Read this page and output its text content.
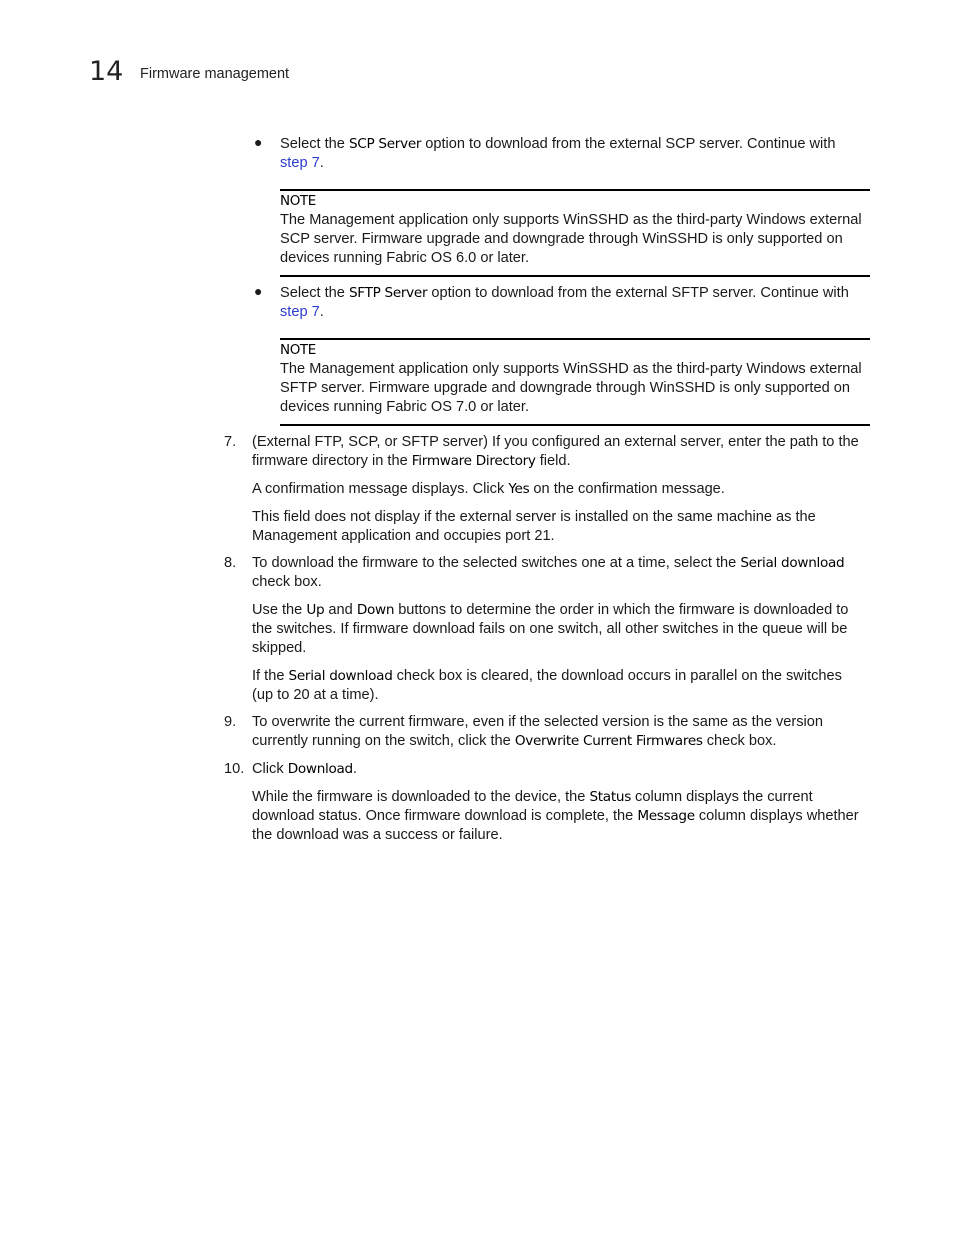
14 Firmware management
● Select the SCP Server option to download from the external SCP server. Continue with
step 7.
NOTE
The Management application only supports WinSSHD as the third-party Windows external
SCP server. Firmware upgrade and downgrade through WinSSHD is only supported on
devices running Fabric OS 6.0 or later.
● Select the SFTP Server option to download from the external SFTP server. Continue with
step 7.
NOTE
The Management application only supports WinSSHD as the third-party Windows external
SFTP server. Firmware upgrade and downgrade through WinSSHD is only supported on
devices running Fabric OS 7.0 or later.
7. (External FTP, SCP, or SFTP server) If you configured an external server, enter the path to the
firmware directory in the Firmware Directory field.
A confirmation message displays. Click Yes on the confirmation message.
This field does not display if the external server is installed on the same machine as the
Management application and occupies port 21.
8. To download the firmware to the selected switches one at a time, select the Serial download
check box.
Use the Up and Down buttons to determine the order in which the firmware is downloaded to
the switches. If firmware download fails on one switch, all other switches in the queue will be
skipped.
If the Serial download check box is cleared, the download occurs in parallel on the switches
(up to 20 at a time).
9. To overwrite the current firmware, even if the selected version is the same as the version
currently running on the switch, click the Overwrite Current Firmwares check box.
10. Click Download.
While the firmware is downloaded to the device, the Status column displays the current
download status. Once firmware download is complete, the Message column displays whether
the download was a success or failure.
